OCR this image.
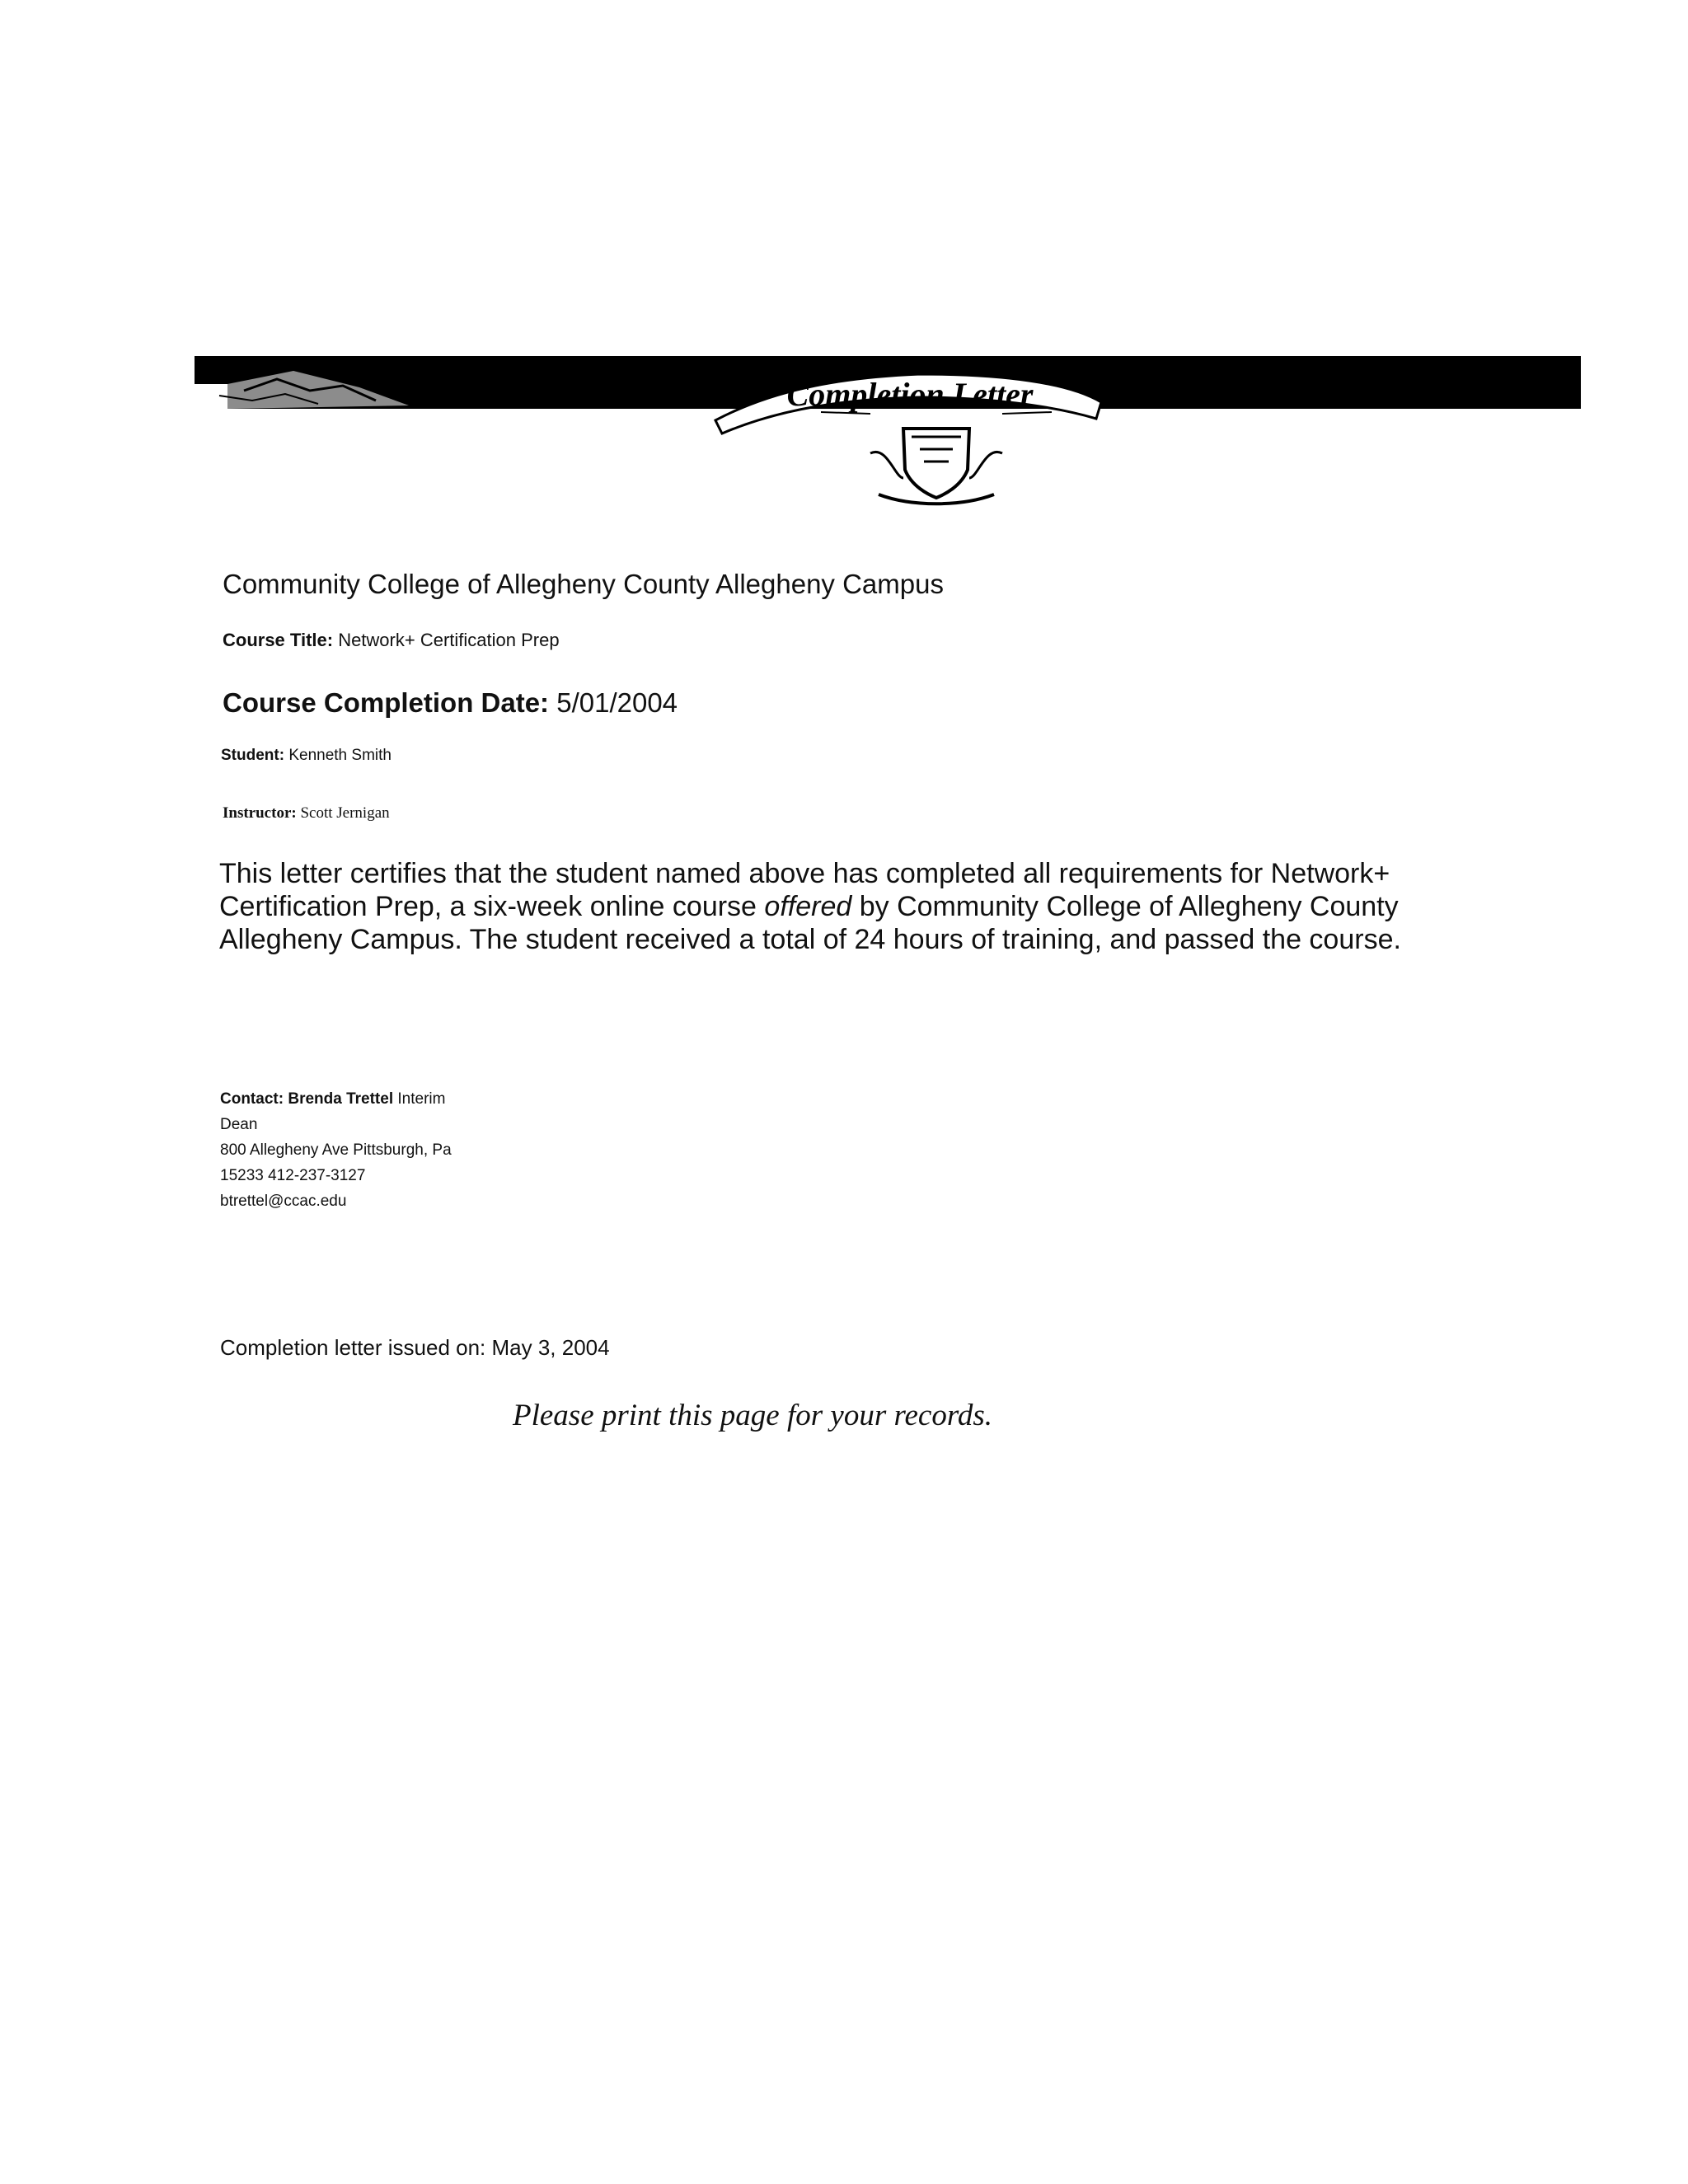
Completion Letter
Community College of Allegheny County Allegheny Campus
Course Title: Network+ Certification Prep
Course Completion Date: 5/01/2004
Student: Kenneth Smith
Instructor: Scott Jernigan
This letter certifies that the student named above has completed all requirements for Network+ Certification Prep, a six-week online course offered by Community College of Allegheny County Allegheny Campus. The student received a total of 24 hours of training, and passed the course.
Contact: Brenda Trettel Interim
Dean
800 Allegheny Ave Pittsburgh, Pa
15233 412-237-3127
btrettel@ccac.edu
Completion letter issued on: May 3, 2004
Please print this page for your records.
